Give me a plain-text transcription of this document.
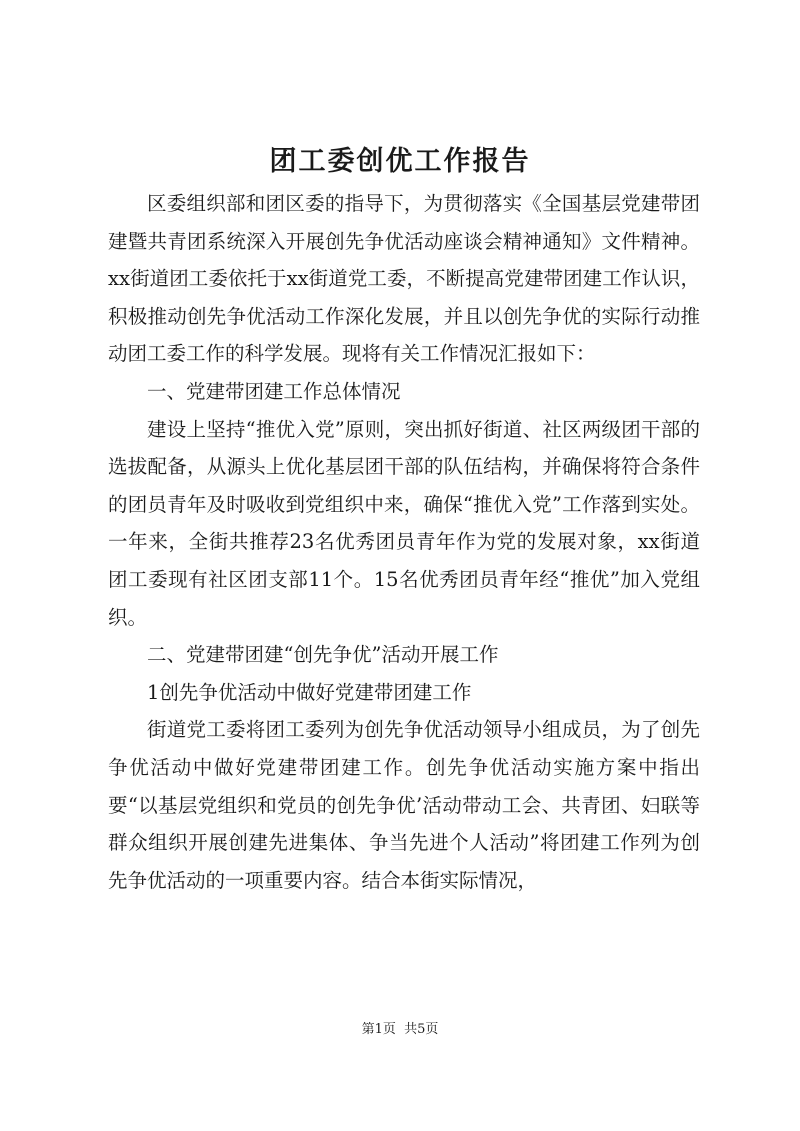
团工委创优工作报告

区委组织部和团区委的指导下，为贯彻落实《全国基层党建带团建暨共青团系统深入开展创先争优活动座谈会精神通知》文件精神。xx街道团工委依托于xx街道党工委，不断提高党建带团建工作认识，积极推动创先争优活动工作深化发展，并且以创先争优的实际行动推动团工委工作的科学发展。现将有关工作情况汇报如下：

一、党建带团建工作总体情况

建设上坚持“推优入党”原则，突出抓好街道、社区两级团干部的选拔配备，从源头上优化基层团干部的队伍结构，并确保将符合条件的团员青年及时吸收到党组织中来，确保“推优入党”工作落到实处。一年来，全街共推荐23名优秀团员青年作为党的发展对象，xx街道团工委现有社区团支部11个。15名优秀团员青年经“推优”加入党组织。

二、党建带团建“创先争优”活动开展工作

1创先争优活动中做好党建带团建工作

街道党工委将团工委列为创先争优活动领导小组成员，为了创先争优活动中做好党建带团建工作。创先争优活动实施方案中指出要“以基层党组织和党员的创先争优’活动带动工会、共青团、妇联等群众组织开展创建先进集体、争当先进个人活动”将团建工作列为创先争优活动的一项重要内容。结合本街实际情况，

第1页 共5页
